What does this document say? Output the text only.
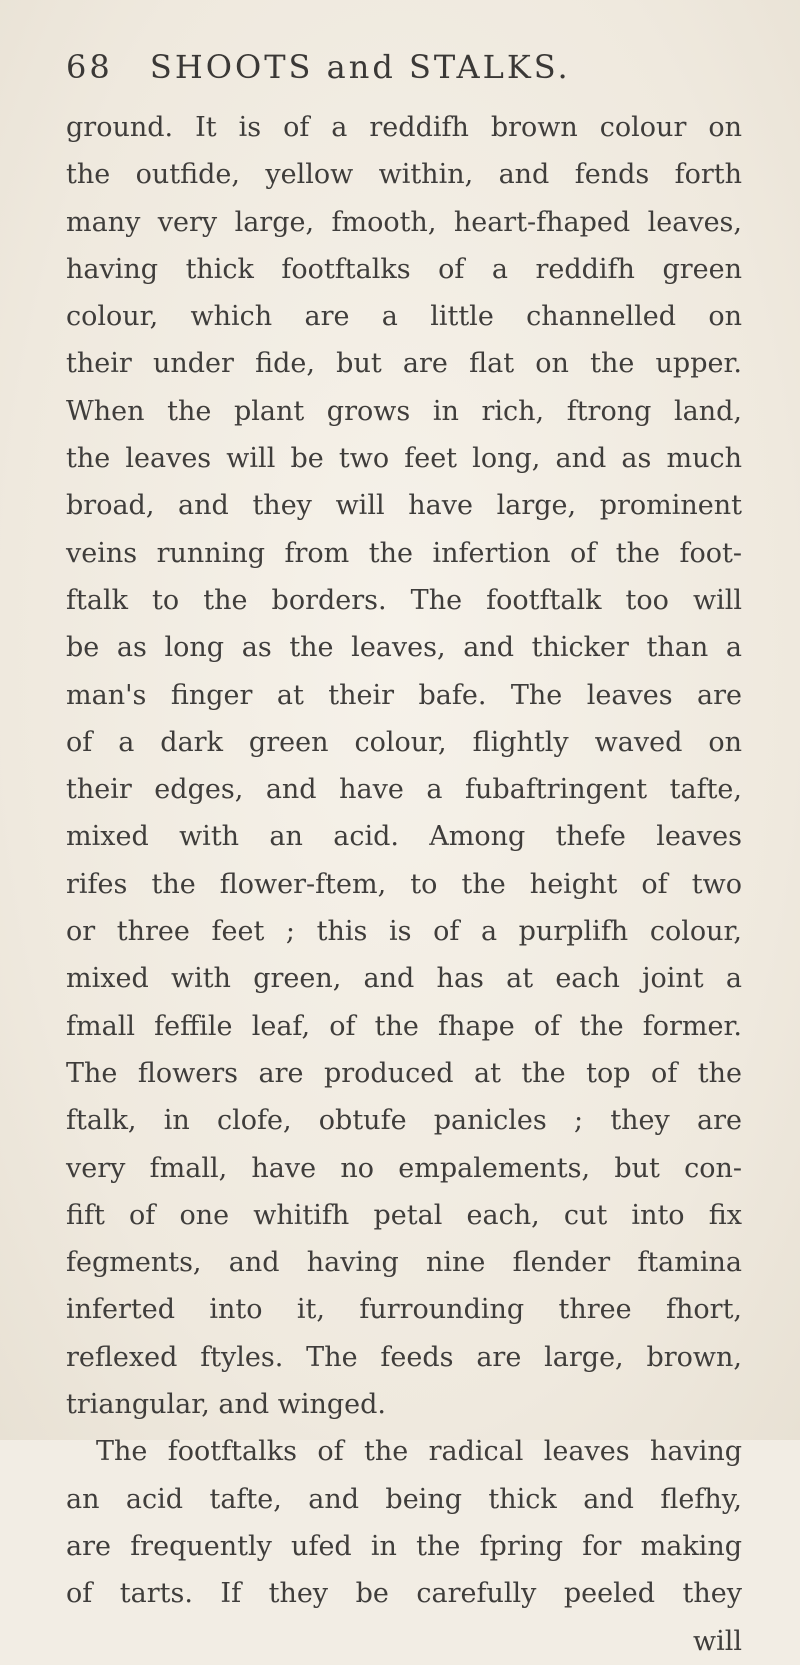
68 SHOOTS and STALKS.
ground. It is of a reddifh brown colour on
the outfide, yellow within, and fends forth
many very large, fmooth, heart-fhaped leaves,
having thick footftalks of a reddifh green
colour, which are a little channelled on
their under fide, but are flat on the upper.
When the plant grows in rich, ftrong land,
the leaves will be two feet long, and as much
broad, and they will have large, prominent
veins running from the infertion of the foot-
ftalk to the borders. The footftalk too will
be as long as the leaves, and thicker than a
man's finger at their bafe. The leaves are
of a dark green colour, flightly waved on
their edges, and have a fubaftringent tafte,
mixed with an acid. Among thefe leaves
rifes the flower-ftem, to the height of two
or three feet ; this is of a purplifh colour,
mixed with green, and has at each joint a
fmall feffile leaf, of the fhape of the former.
The flowers are produced at the top of the
ftalk, in clofe, obtufe panicles ; they are
very fmall, have no empalements, but con-
fift of one whitifh petal each, cut into fix
fegments, and having nine flender ftamina
inferted into it, furrounding three fhort,
reflexed ftyles. The feeds are large, brown,
triangular, and winged.
The footftalks of the radical leaves having
an acid tafte, and being thick and flefhy,
are frequently ufed in the fpring for making
of tarts. If they be carefully peeled they
will
